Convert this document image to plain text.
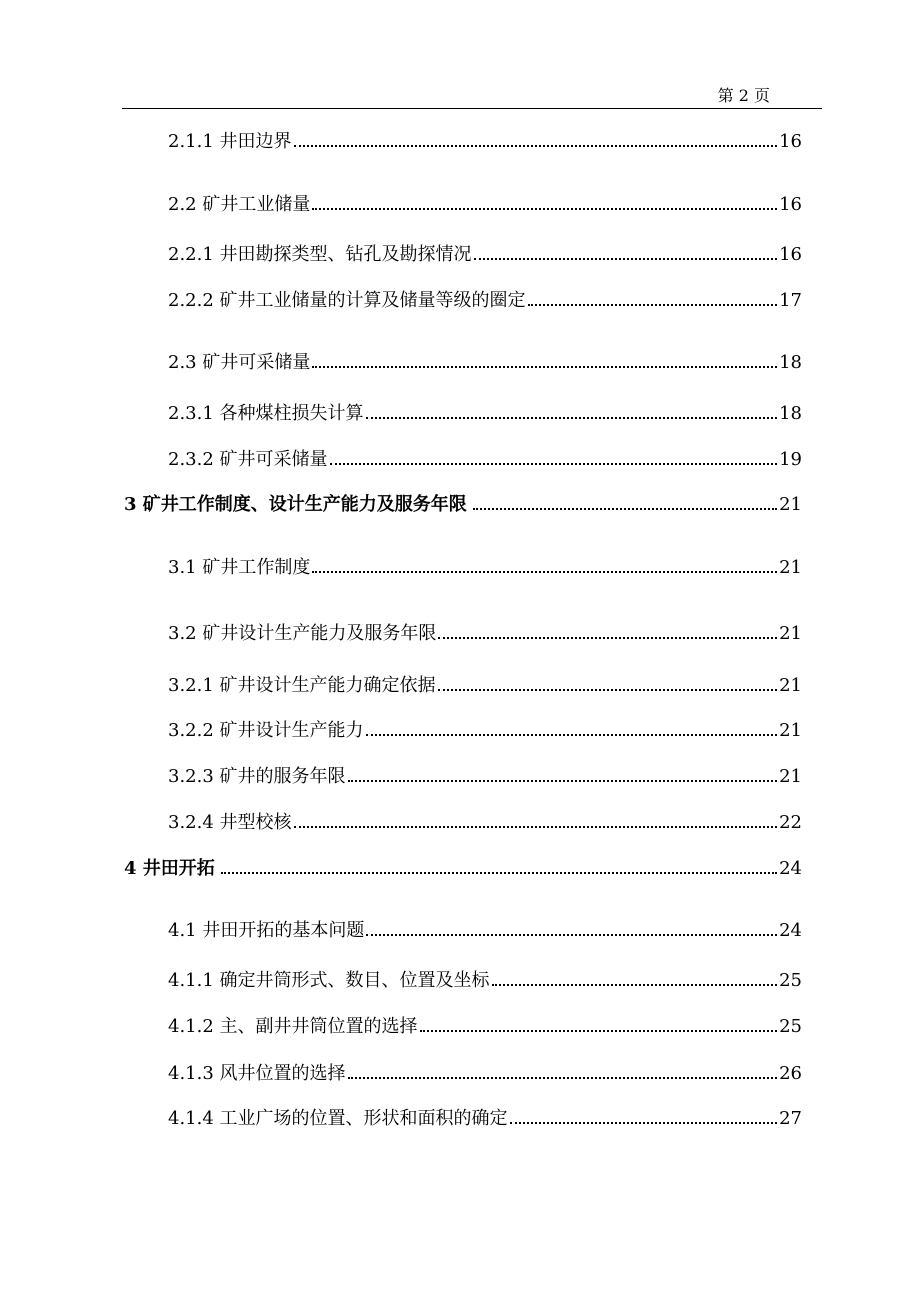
第 2 页
2.1.1 井田边界	16
2.2 矿井工业储量	16
2.2.1 井田勘探类型、钻孔及勘探情况	16
2.2.2 矿井工业储量的计算及储量等级的圈定	17
2.3 矿井可采储量	18
2.3.1 各种煤柱损失计算	18
2.3.2 矿井可采储量	19
3 矿井工作制度、设计生产能力及服务年限	21
3.1 矿井工作制度	21
3.2 矿井设计生产能力及服务年限	21
3.2.1 矿井设计生产能力确定依据	21
3.2.2 矿井设计生产能力	21
3.2.3 矿井的服务年限	21
3.2.4 井型校核	22
4 井田开拓	24
4.1 井田开拓的基本问题	24
4.1.1 确定井筒形式、数目、位置及坐标	25
4.1.2 主、副井井筒位置的选择	25
4.1.3 风井位置的选择	26
4.1.4 工业广场的位置、形状和面积的确定	27
